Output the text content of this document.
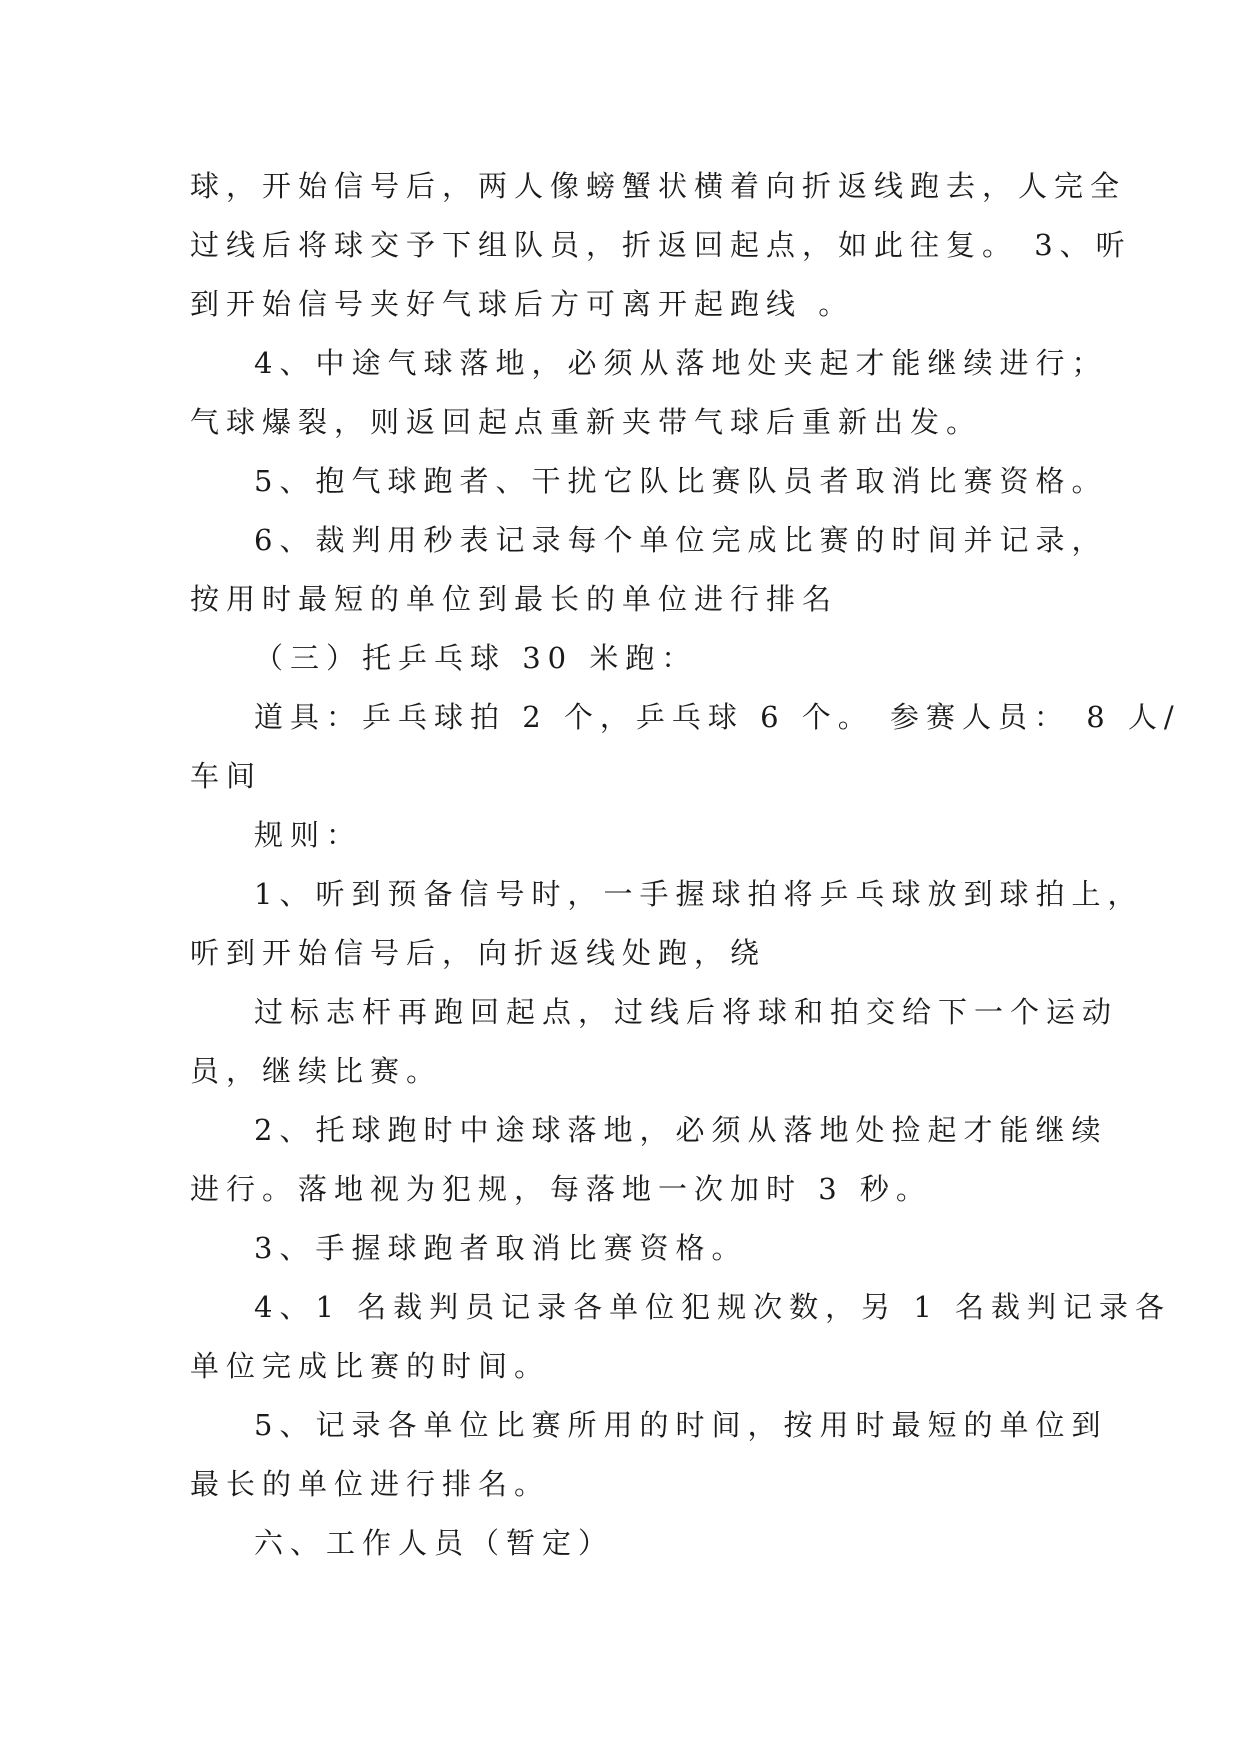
球，开始信号后，两人像螃蟹状横着向折返线跑去，人完全
过线后将球交予下组队员，折返回起点，如此往复。 3、听
到开始信号夹好气球后方可离开起跑线 。
4、中途气球落地，必须从落地处夹起才能继续进行；
气球爆裂，则返回起点重新夹带气球后重新出发。
5、抱气球跑者、干扰它队比赛队员者取消比赛资格。
6、裁判用秒表记录每个单位完成比赛的时间并记录，
按用时最短的单位到最长的单位进行排名
（三）托乒乓球 30 米跑：
道具：乒乓球拍 2 个，乒乓球 6 个。 参赛人员： 8 人/
车间
规则：
1、听到预备信号时，一手握球拍将乒乓球放到球拍上，
听到开始信号后，向折返线处跑，绕
过标志杆再跑回起点，过线后将球和拍交给下一个运动
员，继续比赛。
2、托球跑时中途球落地，必须从落地处捡起才能继续
进行。落地视为犯规，每落地一次加时 3 秒。
3、手握球跑者取消比赛资格。
4、1 名裁判员记录各单位犯规次数，另 1 名裁判记录各
单位完成比赛的时间。
5、记录各单位比赛所用的时间，按用时最短的单位到
最长的单位进行排名。
六、工作人员（暂定）
